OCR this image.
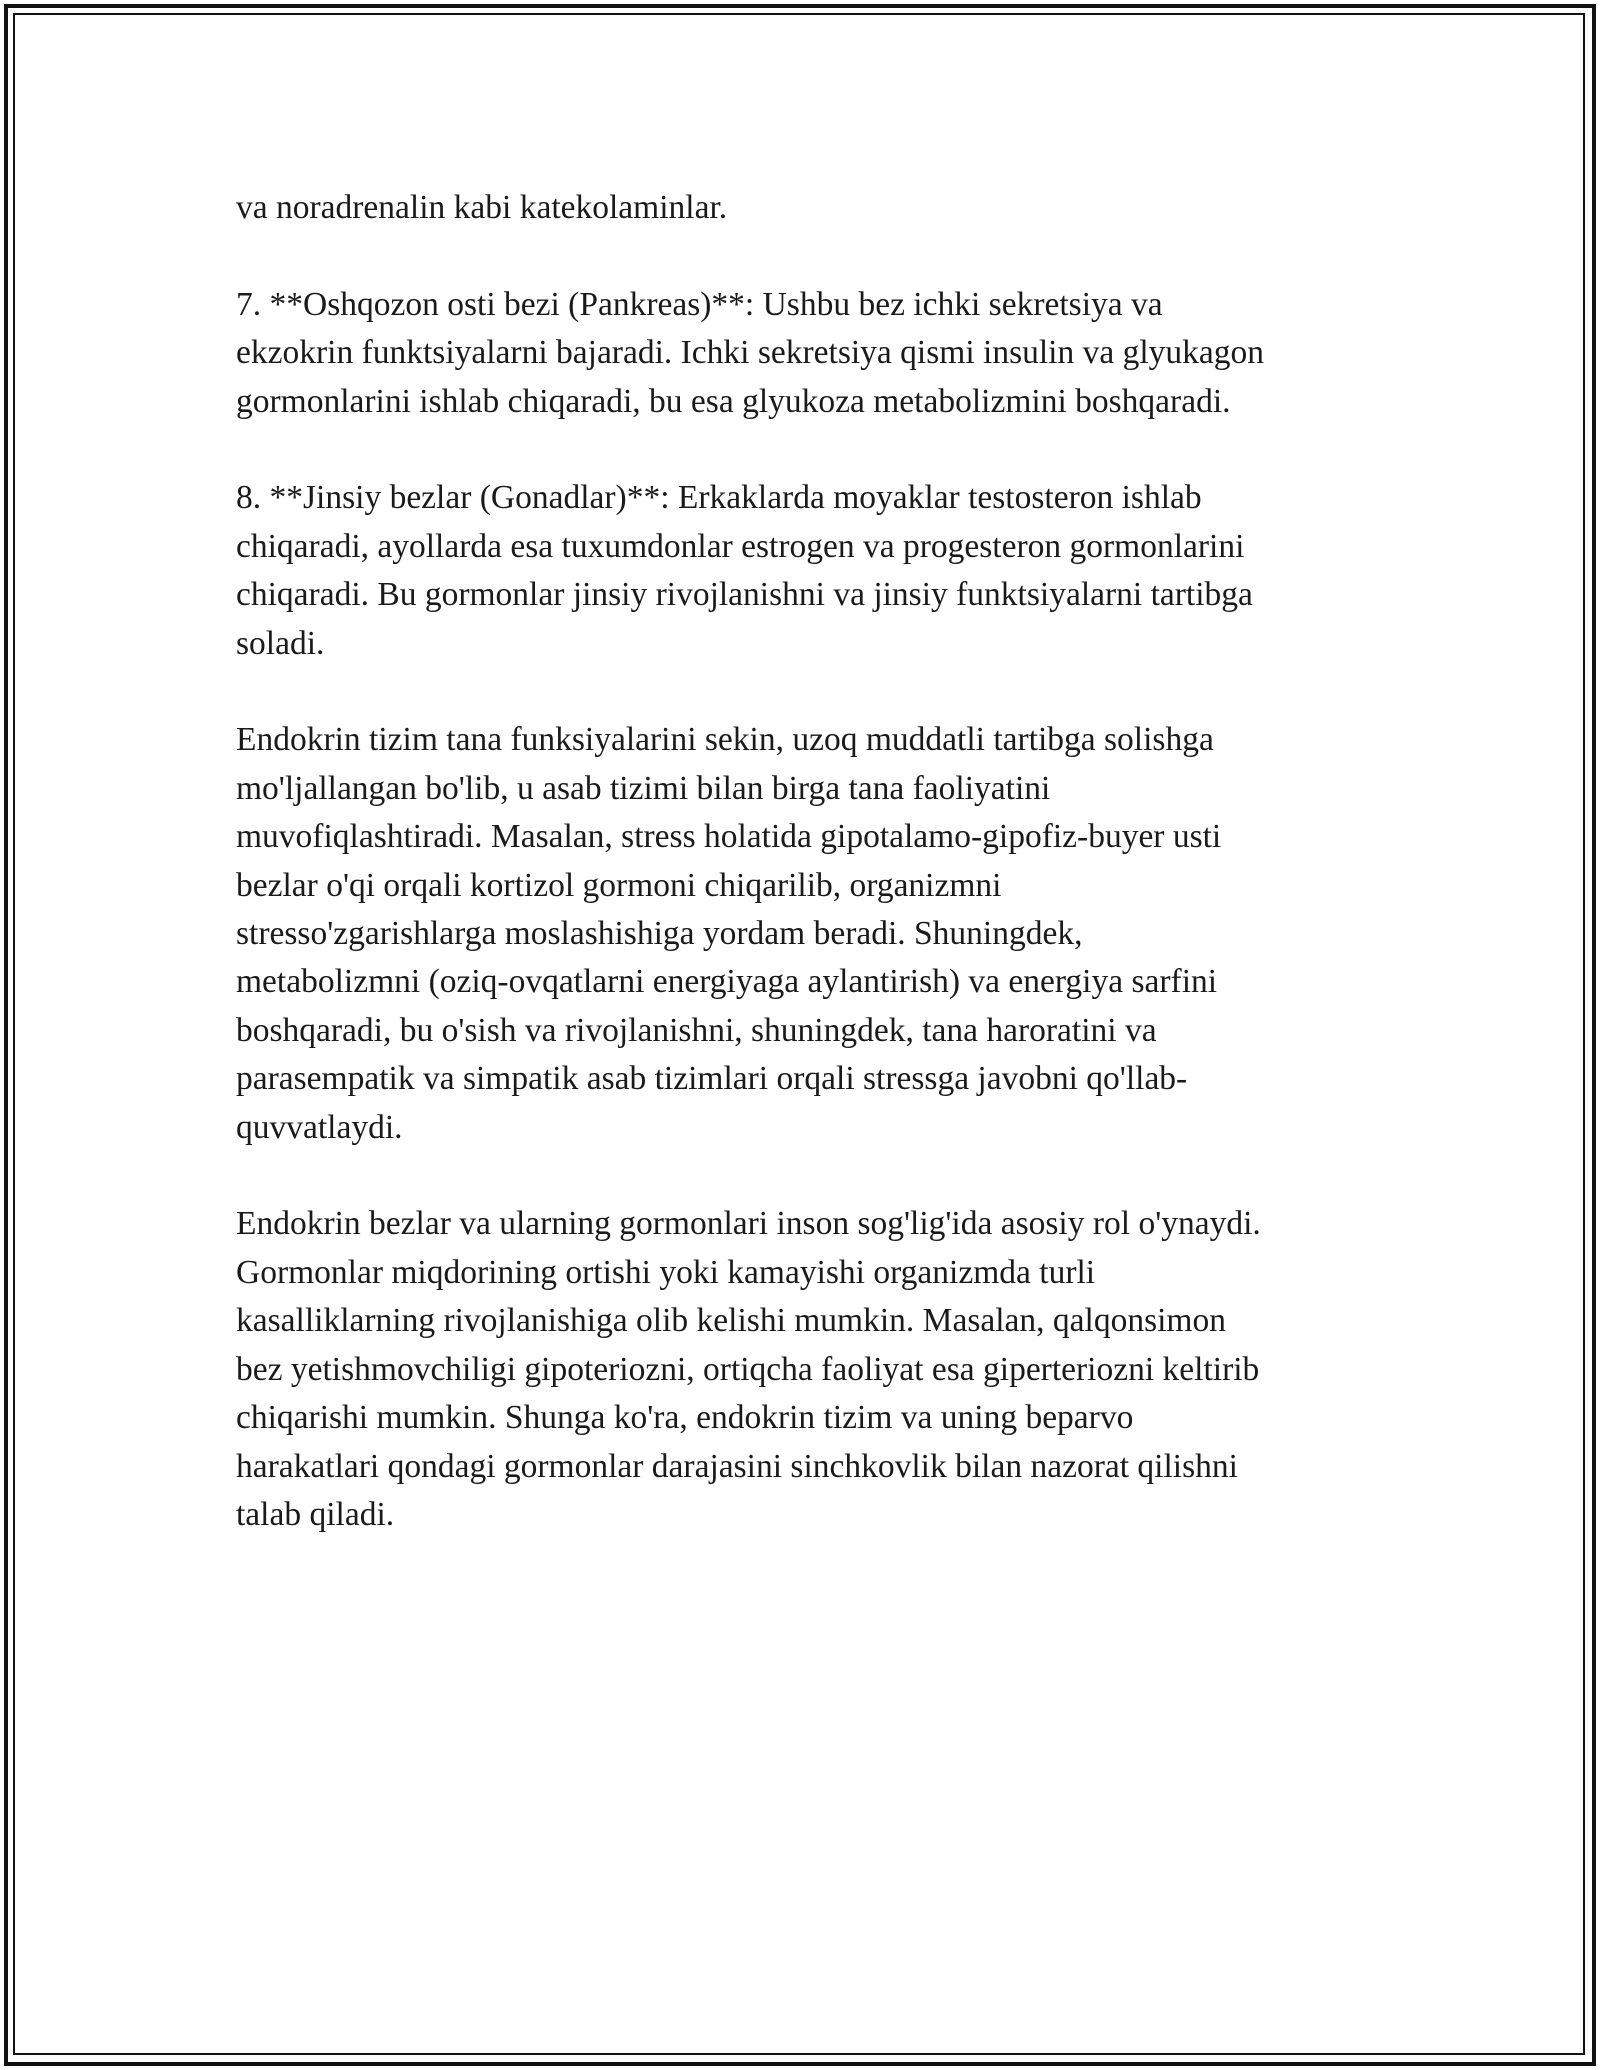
va noradrenalin kabi katekolaminlar.

7. **Oshqozon osti bezi (Pankreas)**: Ushbu bez ichki sekretsiya va
ekzokrin funktsiyalarni bajaradi. Ichki sekretsiya qismi insulin va glyukagon
gormonlarini ishlab chiqaradi, bu esa glyukoza metabolizmini boshqaradi.

8. **Jinsiy bezlar (Gonadlar)**: Erkaklarda moyaklar testosteron ishlab
chiqaradi, ayollarda esa tuxumdonlar estrogen va progesteron gormonlarini
chiqaradi. Bu gormonlar jinsiy rivojlanishni va jinsiy funktsiyalarni tartibga
soladi.

Endokrin tizim tana funksiyalarini sekin, uzoq muddatli tartibga solishga
mo'ljallangan bo'lib, u asab tizimi bilan birga tana faoliyatini
muvofiqlashtiradi. Masalan, stress holatida gipotalamo-gipofiz-buyer usti
bezlar o'qi orqali kortizol gormoni chiqarilib, organizmni
stresso'zgarishlarga moslashishiga yordam beradi. Shuningdek,
metabolizmni (oziq-ovqatlarni energiyaga aylantirish) va energiya sarfini
boshqaradi, bu o'sish va rivojlanishni, shuningdek, tana haroratini va
parasempatik va simpatik asab tizimlari orqali stressga javobni qo'llab-
quvvatlaydi.

Endokrin bezlar va ularning gormonlari inson sog'lig'ida asosiy rol o'ynaydi.
Gormonlar miqdorining ortishi yoki kamayishi organizmda turli
kasalliklarning rivojlanishiga olib kelishi mumkin. Masalan, qalqonsimon
bez yetishmovchiligi gipoteriozni, ortiqcha faoliyat esa giperteriozni keltirib
chiqarishi mumkin. Shunga ko'ra, endokrin tizim va uning beparvo
harakatlari qondagi gormonlar darajasini sinchkovlik bilan nazorat qilishni
talab qiladi.
